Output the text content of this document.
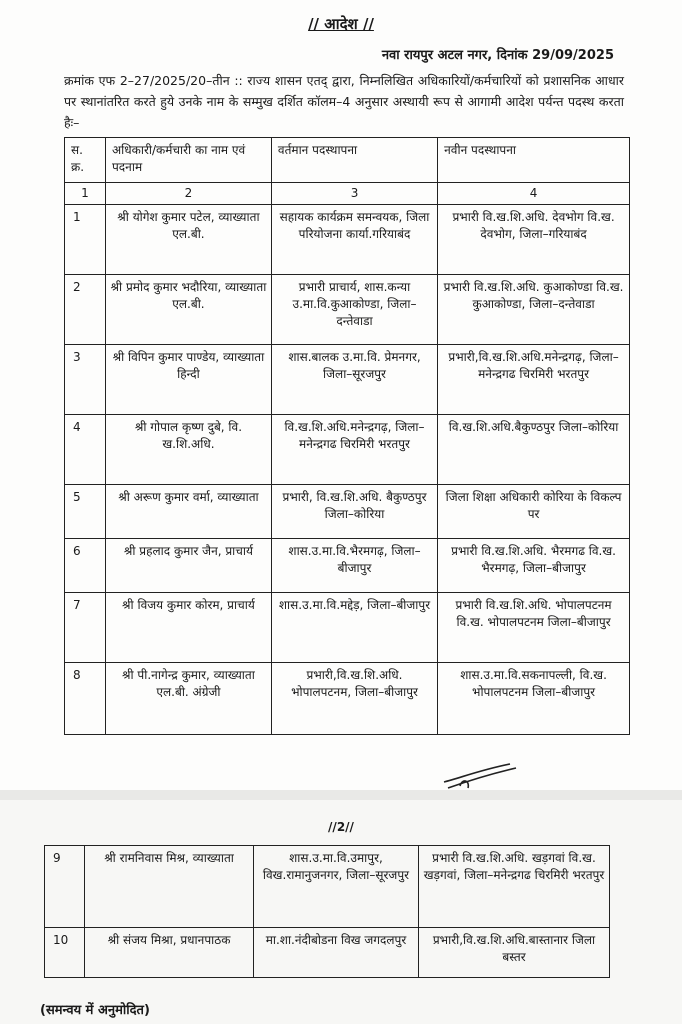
// आदेश //
नवा रायपुर अटल नगर, दिनांक 29/09/2025
क्रमांक एफ 2–27/2025/20–तीन :: राज्य शासन एतद् द्वारा, निम्नलिखित अधिकारियों/कर्मचारियों को प्रशासनिक आधार पर स्थानांतरित करते हुये उनके नाम के सम्मुख दर्शित कॉलम–4 अनुसार अस्थायी रूप से आगामी आदेश पर्यन्त पदस्थ करता हैः–
स. क्र.	अधिकारी/कर्मचारी का नाम एवं पदनाम	वर्तमान पदस्थापना	नवीन पदस्थापना
1	2	3	4
1	श्री योगेश कुमार पटेल, व्याख्याता एल.बी.	सहायक कार्यक्रम समन्वयक, जिला परियोजना कार्या.गरियाबंद	प्रभारी वि.ख.शि.अधि. देवभोग वि.ख. देवभोग, जिला–गरियाबंद
2	श्री प्रमोद कुमार भदौरिया, व्याख्याता एल.बी.	प्रभारी प्राचार्य, शास.कन्या उ.मा.वि.कुआकोण्डा, जिला–दन्तेवाडा	प्रभारी वि.ख.शि.अधि. कुआकोण्डा वि.ख. कुआकोण्डा, जिला–दन्तेवाडा
3	श्री विपिन कुमार पाण्डेय, व्याख्याता हिन्दी	शास.बालक उ.मा.वि. प्रेमनगर, जिला–सूरजपुर	प्रभारी,वि.ख.शि.अधि.मनेन्द्रगढ़, जिला–मनेन्द्रगढ चिरमिरी भरतपुर
4	श्री गोपाल कृष्ण दुबे, वि. ख.शि.अधि.	वि.ख.शि.अधि.मनेन्द्रगढ़, जिला–मनेन्द्रगढ चिरमिरी भरतपुर	वि.ख.शि.अधि.बैकुण्ठपुर जिला–कोरिया
5	श्री अरूण कुमार वर्मा, व्याख्याता	प्रभारी, वि.ख.शि.अधि. बैकुण्ठपुर जिला–कोरिया	जिला शिक्षा अधिकारी कोरिया के विकल्प पर
6	श्री प्रहलाद कुमार जैन, प्राचार्य	शास.उ.मा.वि.भैरमगढ़, जिला–बीजापुर	प्रभारी वि.ख.शि.अधि. भैरमगढ वि.ख. भैरमगढ़, जिला–बीजापुर
7	श्री विजय कुमार कोरम, प्राचार्य	शास.उ.मा.वि.मद्देड़, जिला–बीजापुर	प्रभारी वि.ख.शि.अधि. भोपालपटनम वि.ख. भोपालपटनम जिला–बीजापुर
8	श्री पी.नागेन्द्र कुमार, व्याख्याता एल.बी. अंग्रेजी	प्रभारी,वि.ख.शि.अधि. भोपालपटनम, जिला–बीजापुर	शास.उ.मा.वि.सकनापल्ली, वि.ख. भोपालपटनम जिला–बीजापुर
//2//
9	श्री रामनिवास मिश्र, व्याख्याता	शास.उ.मा.वि.उमापुर, विख.रामानुजनगर, जिला–सूरजपुर	प्रभारी वि.ख.शि.अधि. खड़गवां वि.ख. खड़गवां, जिला–मनेन्द्रगढ चिरमिरी भरतपुर
10	श्री संजय मिश्रा, प्रधानपाठक	मा.शा.नंदीबोडना विख जगदलपुर	प्रभारी,वि.ख.शि.अधि.बास्तानार जिला बस्तर
(समन्वय में अनुमोदित)
